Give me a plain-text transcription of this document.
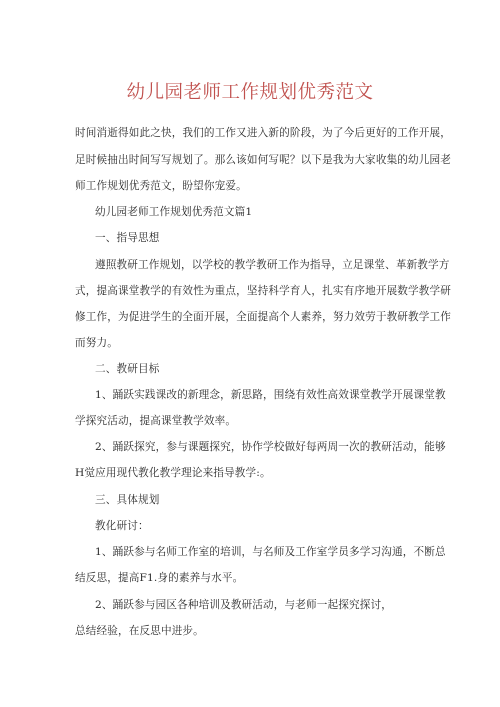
幼儿园老师工作规划优秀范文
时间消逝得如此之快，我们的工作又进入新的阶段，为了今后更好的工作开展，
足时候抽出时间写写规划了。那么该如何写呢？以下是我为大家收集的幼儿园老
师工作规划优秀范文，盼望你宠爱。
幼儿园老师工作规划优秀范文篇1
一、指导思想
遵照教研工作规划，以学校的教学教研工作为指导，立足课堂、革新教学方
式，提高课堂教学的有效性为重点，坚持科学育人，扎实有序地开展数学教学研
修工作，为促进学生的全面开展，全面提高个人素养，努力效劳于教研教学工作
而努力。
二、教研目标
1、踊跃实践课改的新理念，新思路，围绕有效性高效课堂教学开展课堂教
学探究活动，提高课堂教学效率。
2、踊跃探究，参与课题探究，协作学校做好每两周一次的教研活动，能够
H觉应用现代教化教学理论来指导教学:。
三、具体规划
教化研讨：
1、踊跃参与名师工作室的培训，与名师及工作室学员多学习沟通，不断总
结反思，提高F1.身的素养与水平。
2、踊跃参与园区各种培训及教研活动，与老师一起探究探讨，
总结经验，在反思中进步。
